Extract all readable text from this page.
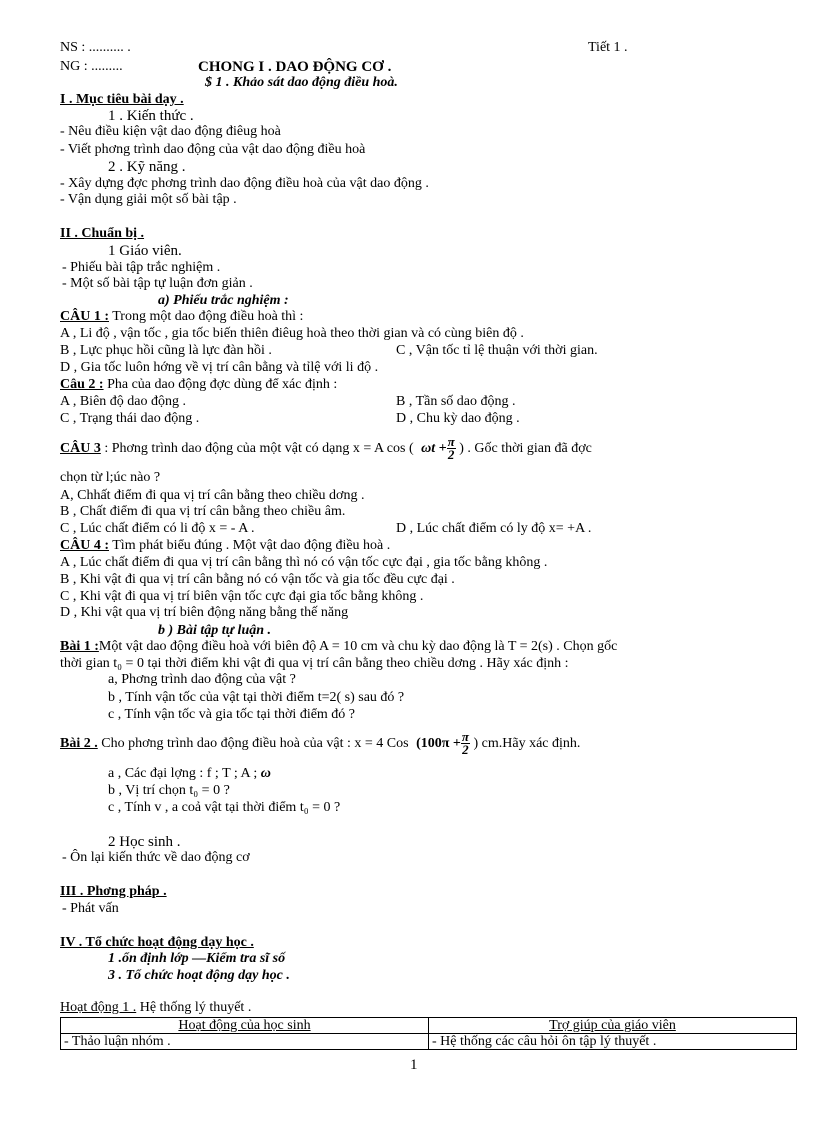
NS : .......... .	Tiết 1 .
NG : .........	CHONG I . DAO ĐỘNG CƠ .
$ 1 . Khảo sát dao động điều hoà.
I . Mục tiêu bài dạy .
1 . Kiến thức .
- Nêu điều kiện vật dao động điêug hoà
- Viết phơng trình dao động của vật dao động điều hoà
2 . Kỹ năng .
- Xây dựng đợc phơng trình dao động điều hoà của vật dao động .
- Vận dụng giải một số bài tập .
II . Chuẩn bị .
1 Giáo viên.
- Phiếu bài tập trắc nghiệm .
- Một số bài tập tự luận đơn giản .
a) Phiếu trắc nghiệm :
CÂU 1 : Trong một dao động điều hoà thì :
A , Li độ , vận tốc , gia tốc biến thiên điêug hoà theo thời gian và có cùng biên độ .
B , Lực phục hồi cũng là lực đàn hồi .	C , Vận tốc tỉ lệ thuận với thời gian.
D , Gia tốc luôn hớng về vị trí cân bằng và tỉlệ với li độ .
Câu 2 : Pha của dao động đợc dùng để xác định :
A , Biên độ dao động .	B , Tần số dao động .
C , Trạng thái dao động .	D , Chu kỳ dao động .
CÂU 3 : Phơng trình dao động của một vật có dạng x = A cos ( $\omega t + \frac{\pi}{2}$ ) . Gốc thời gian đã đợc
chọn từ l;úc nào ?
A, Chhất điểm đi qua vị trí cân bằng theo chiều dơng .
B , Chất điểm đi qua vị trí cân bằng theo chiều âm.
C , Lúc chất điểm có li độ x = - A .	D , Lúc chất điểm có ly độ x= +A .
CÂU 4 : Tìm phát biểu đúng . Một vật dao động điều hoà .
A , Lúc chất điểm đi qua vị trí cân bằng thì nó có vận tốc cực đại , gia tốc bằng không .
B , Khi vật đi qua vị trí cân bằng nó có vận tốc và gia tốc đều cực đại .
C , Khi vật đi qua vị trí biên vận tốc cực đại gia tốc bằng không .
D , Khi vật qua vị trí biên động năng bằng thế năng
b ) Bài tập tự luận .
Bài 1 :Một vật dao động điều hoà với biên độ A = 10 cm và chu kỳ dao động là T = 2(s) . Chọn gốc
thời gian t₀ = 0 tại thời điểm khi vật đi qua vị trí cân bằng theo chiều dơng . Hãy xác định :
a, Phơng trình dao động của vật ?
b , Tính vận tốc của vật tại thời điểm t=2( s) sau đó ?
c , Tính vận tốc và gia tốc tại thời điểm đó ?
Bài 2 . Cho phơng trình dao động điều hoà của vật : x = 4 Cos ($100\pi + \frac{\pi}{2}$ ) cm.Hãy xác định.
a , Các đại lợng : f ; T ; A ; ω
b , Vị trí chọn t₀ = 0 ?
c , Tính v , a coả vật tại thời điểm t₀ = 0 ?
2 Học sinh .
- Ôn lại kiến thức về dao động cơ
III . Phơng pháp .
- Phát vấn
IV . Tổ chức hoạt động dạy học .
1 .ổn định lớp —Kiểm tra sĩ số
3 . Tổ chức hoạt động dạy học .
Hoạt động 1 . Hệ thống lý thuyết .
Hoạt động của học sinh	Trợ giúp của giáo viên
- Thảo luận nhóm .	- Hệ thống các câu hỏi ôn tập lý thuyết .
1
